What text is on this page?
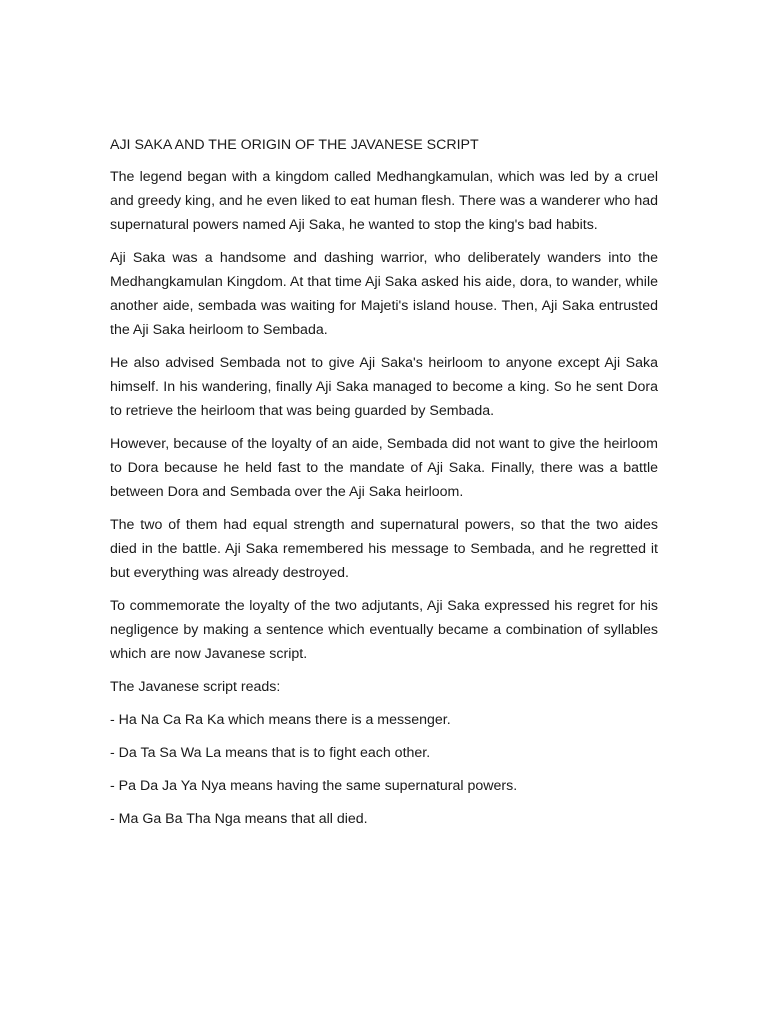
AJI SAKA AND THE ORIGIN OF THE JAVANESE SCRIPT

The legend began with a kingdom called Medhangkamulan, which was led by a cruel and greedy king, and he even liked to eat human flesh. There was a wanderer who had supernatural powers named Aji Saka, he wanted to stop the king's bad habits.

Aji Saka was a handsome and dashing warrior, who deliberately wanders into the Medhangkamulan Kingdom. At that time Aji Saka asked his aide, dora, to wander, while another aide, sembada was waiting for Majeti's island house. Then, Aji Saka entrusted the Aji Saka heirloom to Sembada.

He also advised Sembada not to give Aji Saka's heirloom to anyone except Aji Saka himself. In his wandering, finally Aji Saka managed to become a king. So he sent Dora to retrieve the heirloom that was being guarded by Sembada.

However, because of the loyalty of an aide, Sembada did not want to give the heirloom to Dora because he held fast to the mandate of Aji Saka. Finally, there was a battle between Dora and Sembada over the Aji Saka heirloom.

The two of them had equal strength and supernatural powers, so that the two aides died in the battle. Aji Saka remembered his message to Sembada, and he regretted it but everything was already destroyed.

To commemorate the loyalty of the two adjutants, Aji Saka expressed his regret for his negligence by making a sentence which eventually became a combination of syllables which are now Javanese script.

The Javanese script reads:

- Ha Na Ca Ra Ka which means there is a messenger.

- Da Ta Sa Wa La means that is to fight each other.

- Pa Da Ja Ya Nya means having the same supernatural powers.

- Ma Ga Ba Tha Nga means that all died.
